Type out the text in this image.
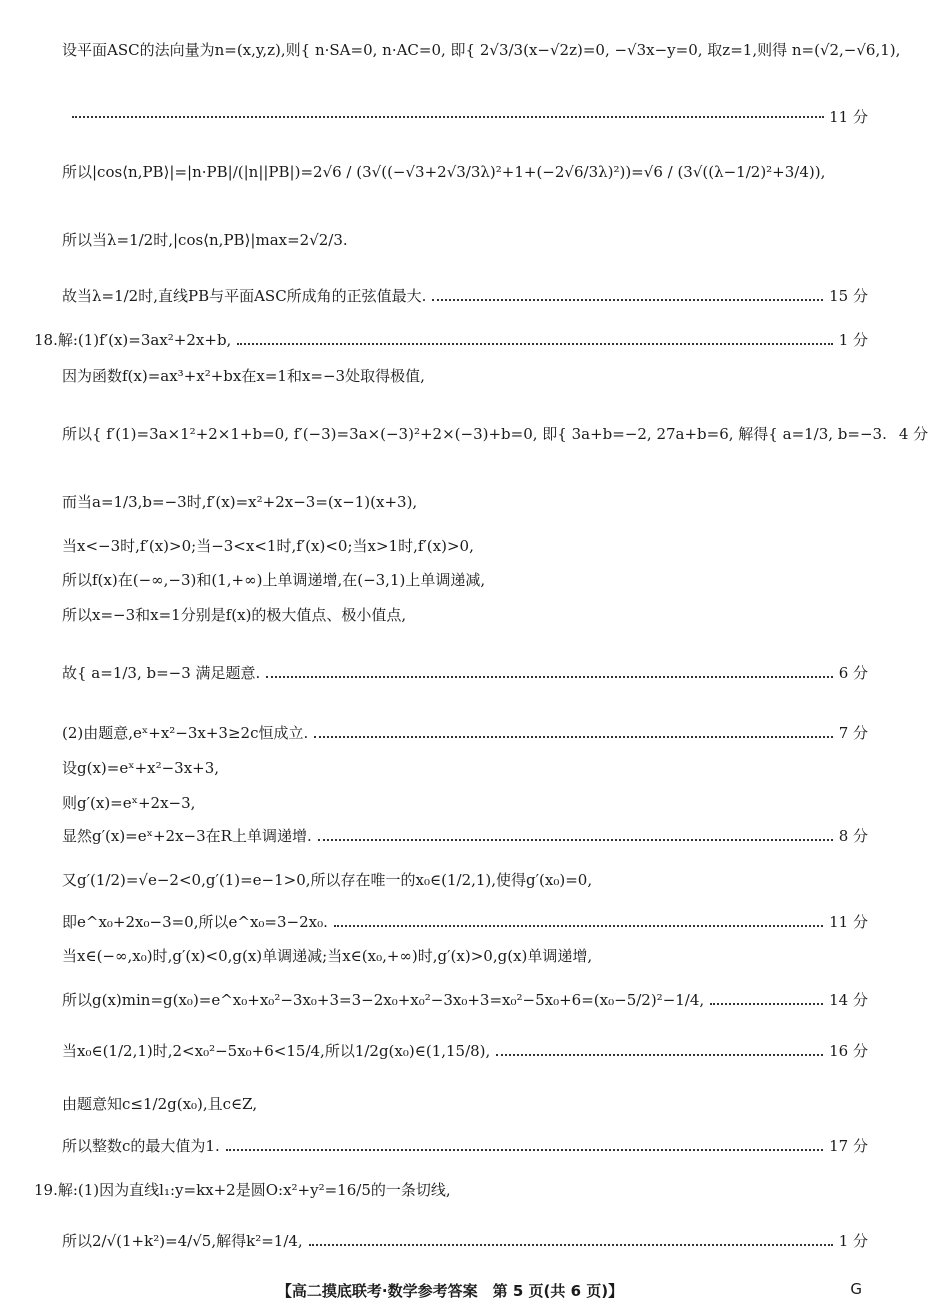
设平面ASC的法向量为n=(x,y,z),则{ n·SA=0, n·AC=0, 即{ 2√3/3(x−√2z)=0, −√3x−y=0, 取z=1,则得 n=(√2,−√6,1),
11 分
所以|cos⟨n,PB⟩|=|n·PB|/(|n||PB|)=2√6 / (3√((−√3+2√3/3λ)²+1+(−2√6/3λ)²))=√6 / (3√((λ−1/2)²+3/4)),
所以当λ=1/2时,|cos⟨n,PB⟩|max=2√2/3.
故当λ=1/2时,直线PB与平面ASC所成角的正弦值最大.	15 分
18.解:(1)f′(x)=3ax²+2x+b,	1 分
因为函数f(x)=ax³+x²+bx在x=1和x=−3处取得极值,
所以{ f′(1)=3a×1²+2×1+b=0, f′(−3)=3a×(−3)²+2×(−3)+b=0, 即{ 3a+b=−2, 27a+b=6, 解得{ a=1/3, b=−3. 4 分
而当a=1/3,b=−3时,f′(x)=x²+2x−3=(x−1)(x+3),
当x<−3时,f′(x)>0;当−3<x<1时,f′(x)<0;当x>1时,f′(x)>0,
所以f(x)在(−∞,−3)和(1,+∞)上单调递增,在(−3,1)上单调递减,
所以x=−3和x=1分别是f(x)的极大值点、极小值点,
故{ a=1/3, b=−3 满足题意.	6 分
(2)由题意,eˣ+x²−3x+3≥2c恒成立.	7 分
设g(x)=eˣ+x²−3x+3,
则g′(x)=eˣ+2x−3,
显然g′(x)=eˣ+2x−3在R上单调递增.	8 分
又g′(1/2)=√e−2<0,g′(1)=e−1>0,所以存在唯一的x₀∈(1/2,1),使得g′(x₀)=0,
即e^x₀+2x₀−3=0,所以e^x₀=3−2x₀.	11 分
当x∈(−∞,x₀)时,g′(x)<0,g(x)单调递减;当x∈(x₀,+∞)时,g′(x)>0,g(x)单调递增,
所以g(x)min=g(x₀)=e^x₀+x₀²−3x₀+3=3−2x₀+x₀²−3x₀+3=x₀²−5x₀+6=(x₀−5/2)²−1/4,	14 分
当x₀∈(1/2,1)时,2<x₀²−5x₀+6<15/4,所以1/2g(x₀)∈(1,15/8),	16 分
由题意知c≤1/2g(x₀),且c∈Z,
所以整数c的最大值为1.	17 分
19.解:(1)因为直线l₁:y=kx+2是圆O:x²+y²=16/5的一条切线,
所以2/√(1+k²)=4/√5,解得k²=1/4,	1 分
【高二摸底联考·数学参考答案　第 5 页(共 6 页)】	G
